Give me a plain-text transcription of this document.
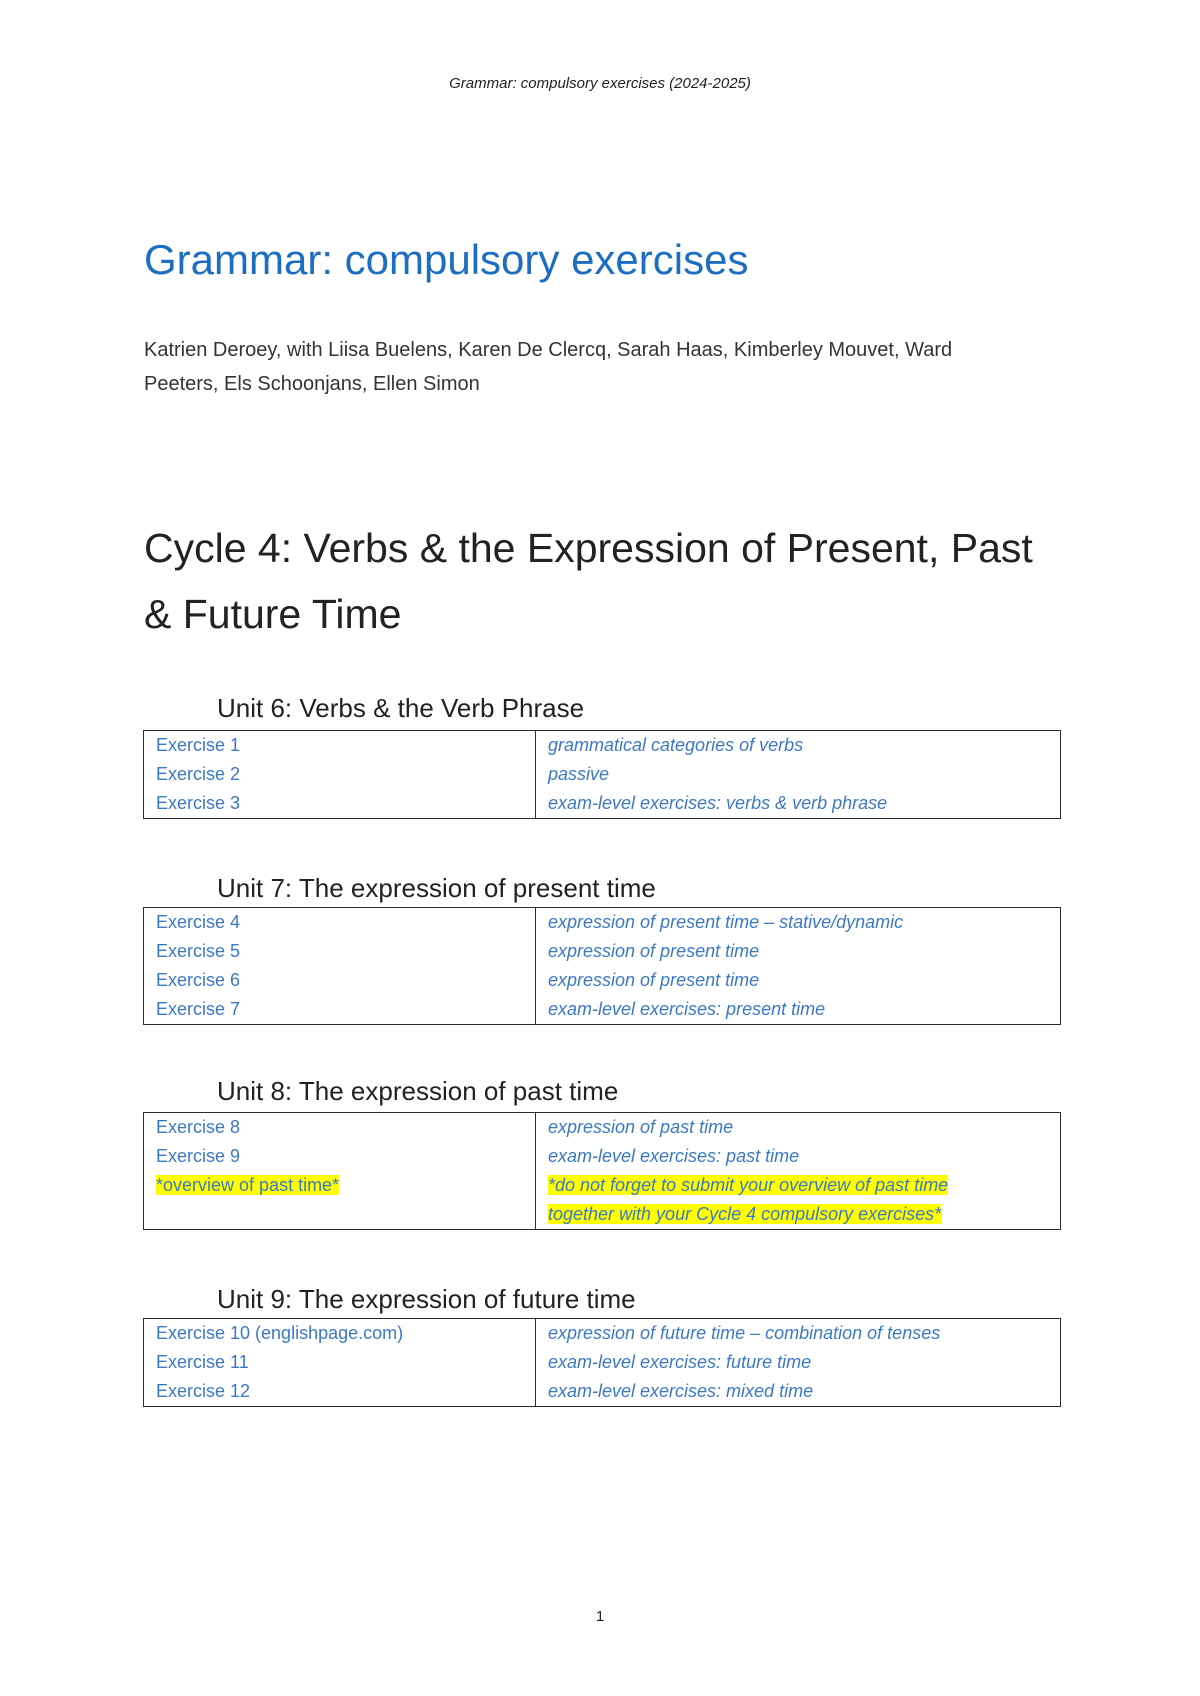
Grammar: compulsory exercises (2024-2025)
Grammar: compulsory exercises

Katrien Deroey, with Liisa Buelens, Karen De Clercq, Sarah Haas, Kimberley Mouvet, Ward Peeters, Els Schoonjans, Ellen Simon

Cycle 4: Verbs & the Expression of Present, Past & Future Time
Unit 6: Verbs & the Verb Phrase
Exercise 1	grammatical categories of verbs
Exercise 2	passive
Exercise 3	exam-level exercises: verbs & verb phrase
Unit 7: The expression of present time
Exercise 4	expression of present time – stative/dynamic
Exercise 5	expression of present time
Exercise 6	expression of present time
Exercise 7	exam-level exercises: present time
Unit 8: The expression of past time
Exercise 8	expression of past time
Exercise 9	exam-level exercises: past time
*overview of past time*	*do not forget to submit your overview of past time together with your Cycle 4 compulsory exercises*
Unit 9: The expression of future time
Exercise 10 (englishpage.com)	expression of future time – combination of tenses
Exercise 11	exam-level exercises: future time
Exercise 12	exam-level exercises: mixed time
1
